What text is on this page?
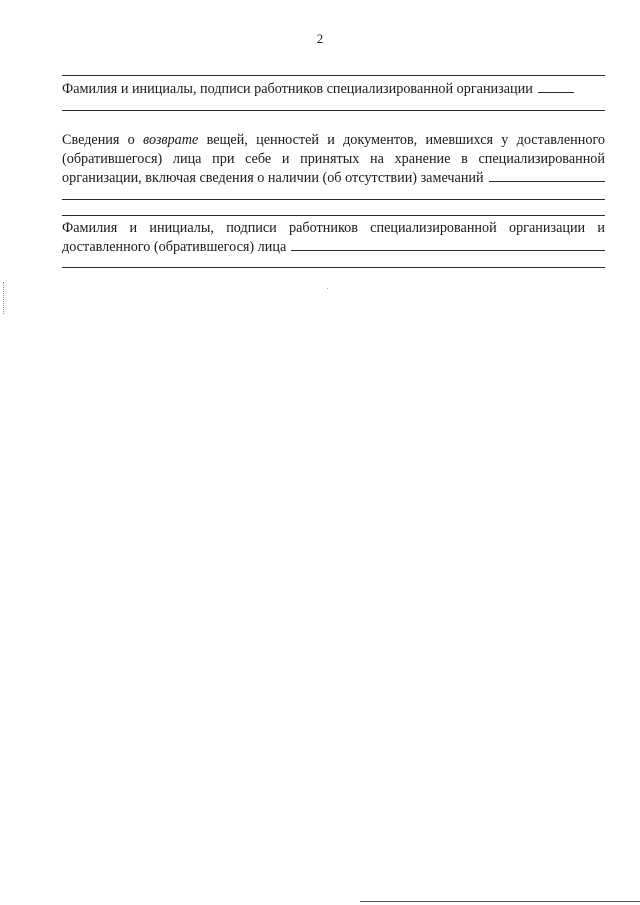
2
Фамилия и инициалы, подписи работников специализированной организации
Сведения о возврате вещей, ценностей и документов, имевшихся у доставленного
(обратившегося) лица при себе и принятых на хранение в специализированной
организации, включая сведения о наличии (об отсутствии) замечаний
Фамилия и инициалы, подписи работников специализированной организации и
доставленного (обратившегося) лица
